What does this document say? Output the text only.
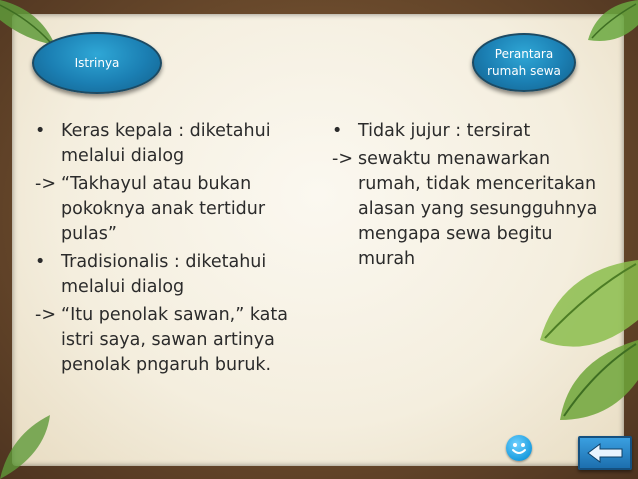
Istrinya
Perantara
rumah sewa
• Keras kepala : diketahui melalui dialog
-> “Takhayul atau bukan pokoknya anak tertidur pulas”
• Tradisionalis : diketahui melalui dialog
-> “Itu penolak sawan,” kata istri saya, sawan artinya penolak pngaruh buruk.
• Tidak jujur : tersirat
-> sewaktu menawarkan rumah, tidak menceritakan alasan yang sesungguhnya mengapa sewa begitu murah
